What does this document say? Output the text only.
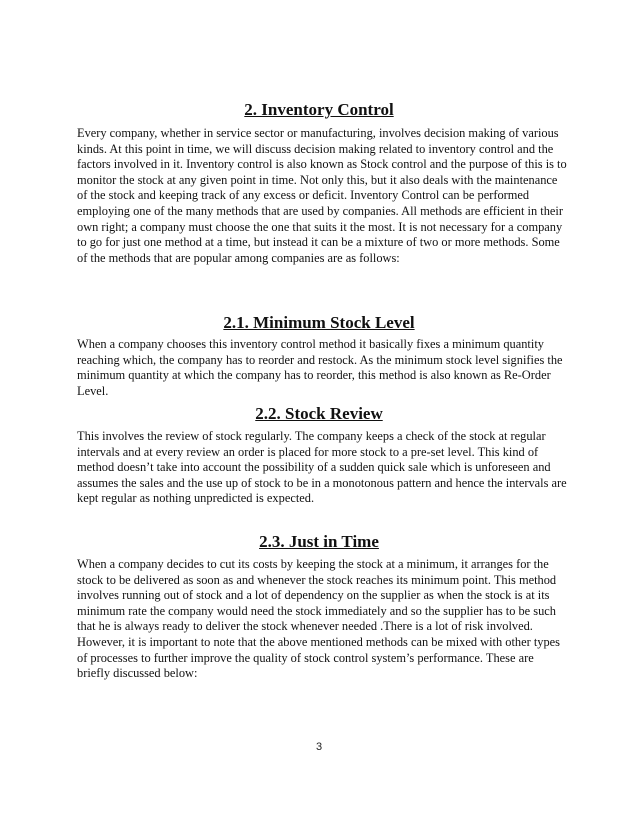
2. Inventory Control

Every company, whether in service sector or manufacturing, involves decision making of various kinds. At this point in time, we will discuss decision making related to inventory control and the factors involved in it. Inventory control is also known as Stock control and the purpose of this is to monitor the stock at any given point in time. Not only this, but it also deals with the maintenance of the stock and keeping track of any excess or deficit. Inventory Control can be performed employing one of the many methods that are used by companies. All methods are efficient in their own right; a company must choose the one that suits it the most. It is not necessary for a company to go for just one method at a time, but instead it can be a mixture of two or more methods. Some of the methods that are popular among companies are as follows:

2.1. Minimum Stock Level

When a company chooses this inventory control method it basically fixes a minimum quantity reaching which, the company has to reorder and restock. As the minimum stock level signifies the minimum quantity at which the company has to reorder, this method is also known as Re-Order Level.

2.2. Stock Review

This involves the review of stock regularly. The company keeps a check of the stock at regular intervals and at every review an order is placed for more stock to a pre-set level. This kind of method doesn’t take into account the possibility of a sudden quick sale which is unforeseen and assumes the sales and the use up of stock to be in a monotonous pattern and hence the intervals are kept regular as nothing unpredicted is expected.

2.3. Just in Time

When a company decides to cut its costs by keeping the stock at a minimum, it arranges for the stock to be delivered as soon as and whenever the stock reaches its minimum point. This method involves running out of stock and a lot of dependency on the supplier as when the stock is at its minimum rate the company would need the stock immediately and so the supplier has to be such that he is always ready to deliver the stock whenever needed .There is a lot of risk involved. However, it is important to note that the above mentioned methods can be mixed with other types of processes to further improve the quality of stock control system’s performance. These are briefly discussed below:

3
